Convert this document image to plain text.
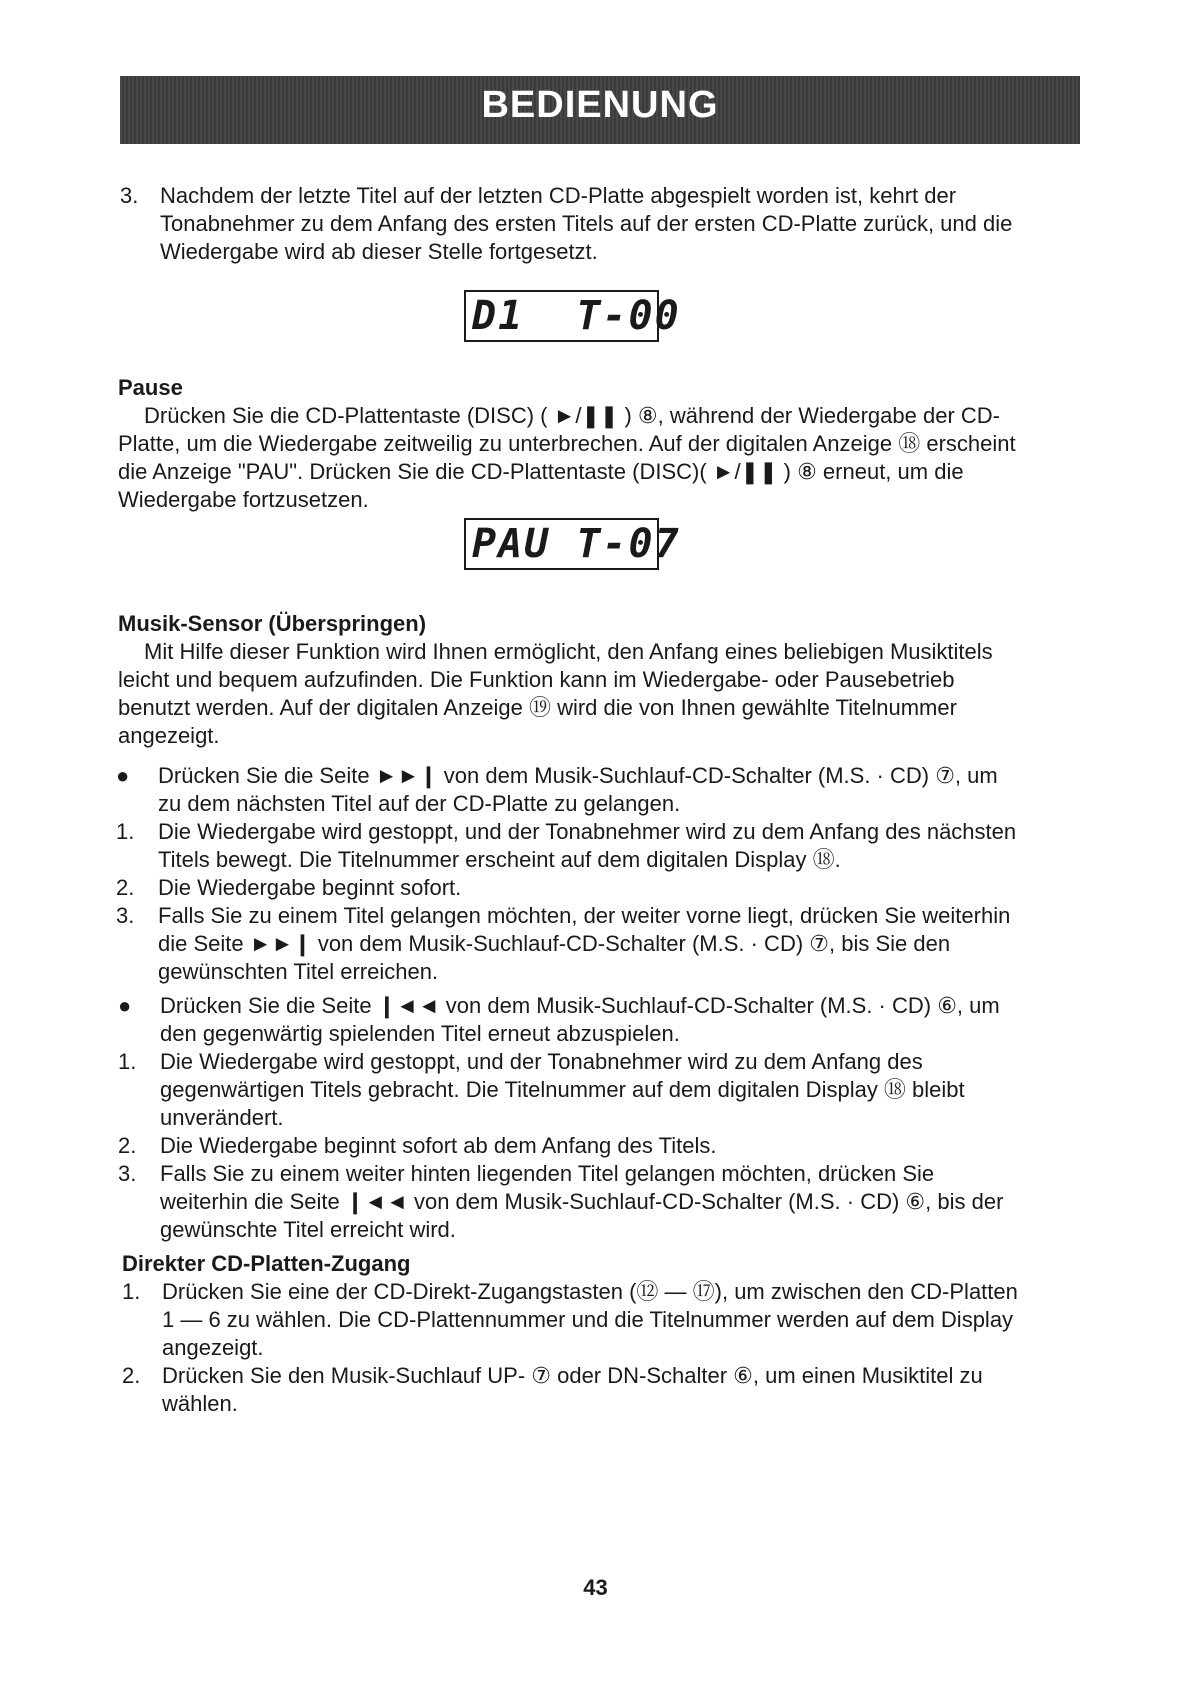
BEDIENUNG
3. Nachdem der letzte Titel auf der letzten CD-Platte abgespielt worden ist, kehrt der Tonabnehmer zu dem Anfang des ersten Titels auf der ersten CD-Platte zurück, und die Wiedergabe wird ab dieser Stelle fortgesetzt.
D1  T-00
Pause
Drücken Sie die CD-Plattentaste (DISC) ( ►/❚❚ ) ⑧, während der Wiedergabe der CD-Platte, um die Wiedergabe zeitweilig zu unterbrechen. Auf der digitalen Anzeige ⑱ erscheint die Anzeige "PAU". Drücken Sie die CD-Plattentaste (DISC)( ►/❚❚ ) ⑧ erneut, um die Wiedergabe fortzusetzen.
PAU T-07
Musik-Sensor (Überspringen)
Mit Hilfe dieser Funktion wird Ihnen ermöglicht, den Anfang eines beliebigen Musiktitels leicht und bequem aufzufinden. Die Funktion kann im Wiedergabe- oder Pausebetrieb benutzt werden. Auf der digitalen Anzeige ⑲ wird die von Ihnen gewählte Titelnummer angezeigt.
● Drücken Sie die Seite ►►❙ von dem Musik-Suchlauf-CD-Schalter (M.S. · CD) ⑦, um zu dem nächsten Titel auf der CD-Platte zu gelangen.
1. Die Wiedergabe wird gestoppt, und der Tonabnehmer wird zu dem Anfang des nächsten Titels bewegt. Die Titelnummer erscheint auf dem digitalen Display ⑱.
2. Die Wiedergabe beginnt sofort.
3. Falls Sie zu einem Titel gelangen möchten, der weiter vorne liegt, drücken Sie weiterhin die Seite ►►❙ von dem Musik-Suchlauf-CD-Schalter (M.S. · CD) ⑦, bis Sie den gewünschten Titel erreichen.
● Drücken Sie die Seite ❙◄◄ von dem Musik-Suchlauf-CD-Schalter (M.S. · CD) ⑥, um den gegenwärtig spielenden Titel erneut abzuspielen.
1. Die Wiedergabe wird gestoppt, und der Tonabnehmer wird zu dem Anfang des gegenwärtigen Titels gebracht. Die Titelnummer auf dem digitalen Display ⑱ bleibt unverändert.
2. Die Wiedergabe beginnt sofort ab dem Anfang des Titels.
3. Falls Sie zu einem weiter hinten liegenden Titel gelangen möchten, drücken Sie weiterhin die Seite ❙◄◄ von dem Musik-Suchlauf-CD-Schalter (M.S. · CD) ⑥, bis der gewünschte Titel erreicht wird.
Direkter CD-Platten-Zugang
1. Drücken Sie eine der CD-Direkt-Zugangstasten (⑫ — ⑰), um zwischen den CD-Platten 1 — 6 zu wählen. Die CD-Plattennummer und die Titelnummer werden auf dem Display angezeigt.
2. Drücken Sie den Musik-Suchlauf UP- ⑦ oder DN-Schalter ⑥, um einen Musiktitel zu wählen.
43
